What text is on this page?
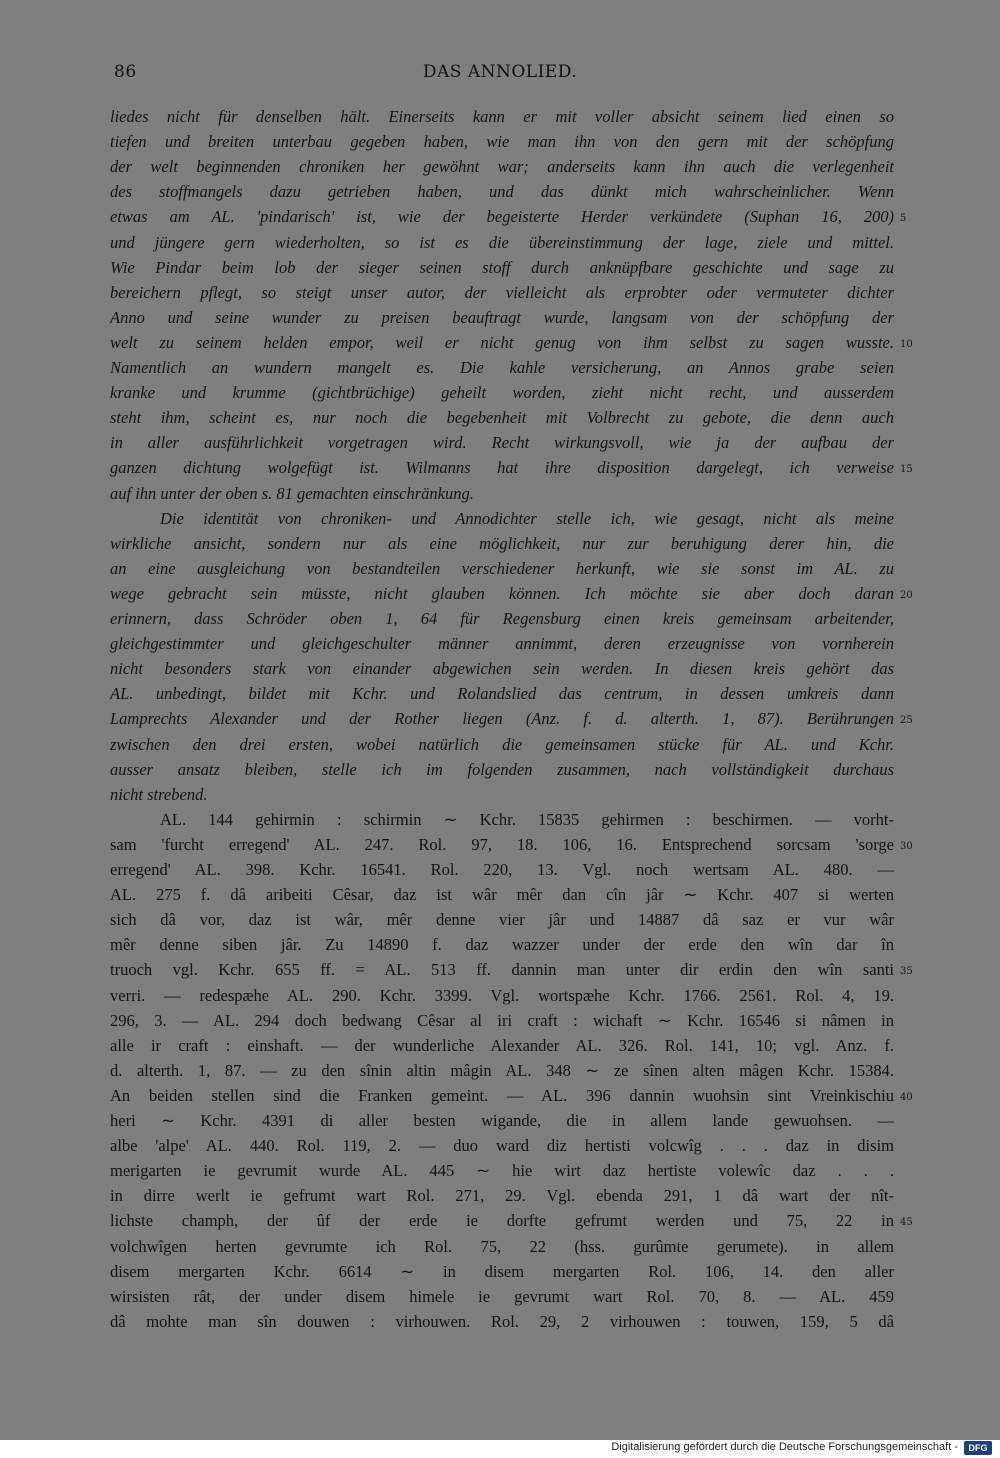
86	DAS ANNOLIED.
liedes nicht für denselben hält. Einerseits kann er mit voller absicht seinem lied einen so
tiefen und breiten unterbau gegeben haben, wie man ihn von den gern mit der schöpfung
der welt beginnenden chroniken her gewöhnt war; anderseits kann ihn auch die verlegenheit
des stoffmangels dazu getrieben haben, und das dünkt mich wahrscheinlicher. Wenn
etwas am AL. 'pindarisch' ist, wie der begeisterte Herder verkündete (Suphan 16, 200) 5
und jüngere gern wiederholten, so ist es die übereinstimmung der lage, ziele und mittel.
Wie Pindar beim lob der sieger seinen stoff durch anknüpfbare geschichte und sage zu
bereichern pflegt, so steigt unser autor, der vielleicht als erprobter oder vermuteter dichter
Anno und seine wunder zu preisen beauftragt wurde, langsam von der schöpfung der
welt zu seinem helden empor, weil er nicht genug von ihm selbst zu sagen wusste. 10
Namentlich an wundern mangelt es. Die kahle versicherung, an Annos grabe seien
kranke und krumme (gichtbrüchige) geheilt worden, zieht nicht recht, und ausserdem
steht ihm, scheint es, nur noch die begebenheit mit Volbrecht zu gebote, die denn auch
in aller ausführlichkeit vorgetragen wird. Recht wirkungsvoll, wie ja der aufbau der
ganzen dichtung wolgefügt ist. Wilmanns hat ihre disposition dargelegt, ich verweise 15
auf ihn unter der oben s. 81 gemachten einschränkung.
Die identität von chroniken- und Annodichter stelle ich, wie gesagt, nicht als meine
wirkliche ansicht, sondern nur als eine möglichkeit, nur zur beruhigung derer hin, die
an eine ausgleichung von bestandteilen verschiedener herkunft, wie sie sonst im AL. zu
wege gebracht sein müsste, nicht glauben können. Ich möchte sie aber doch daran 20
erinnern, dass Schröder oben 1, 64 für Regensburg einen kreis gemeinsam arbeitender,
gleichgestimmter und gleichgeschulter männer annimmt, deren erzeugnisse von vornherein
nicht besonders stark von einander abgewichen sein werden. In diesen kreis gehört das
AL. unbedingt, bildet mit Kchr. und Rolandslied das centrum, in dessen umkreis dann
Lamprechts Alexander und der Rother liegen (Anz. f. d. alterth. 1, 87). Berührungen 25
zwischen den drei ersten, wobei natürlich die gemeinsamen stücke für AL. und Kchr.
ausser ansatz bleiben, stelle ich im folgenden zusammen, nach vollständigkeit durchaus
nicht strebend.
AL. 144 gehirmin : schirmin ∼ Kchr. 15835 gehirmen : beschirmen. — vorht-
sam 'furcht erregend' AL. 247. Rol. 97, 18. 106, 16. Entsprechend sorcsam 'sorge 30
erregend' AL. 398. Kchr. 16541. Rol. 220, 13. Vgl. noch wertsam AL. 480. —
AL. 275 f. dâ aribeiti Cêsar, daz ist wâr mêr dan cîn jâr ∼ Kchr. 407 si werten
sich dâ vor, daz ist wâr, mêr denne vier jâr und 14887 dâ saz er vur wâr
mêr denne siben jâr. Zu 14890 f. daz wazzer under der erde den wîn dar în
truoch vgl. Kchr. 655 ff. = AL. 513 ff. dannin man unter dir erdin den wîn santi 35
verri. — redespæhe AL. 290. Kchr. 3399. Vgl. wortspæhe Kchr. 1766. 2561. Rol. 4, 19.
296, 3. — AL. 294 doch bedwang Cêsar al iri craft : wichaft ∼ Kchr. 16546 si nâmen in
alle ir craft : einshaft. — der wunderliche Alexander AL. 326. Rol. 141, 10; vgl. Anz. f.
d. alterth. 1, 87. — zu den sînin altin mâgin AL. 348 ∼ ze sînen alten mâgen Kchr. 15384.
An beiden stellen sind die Franken gemeint. — AL. 396 dannin wuohsin sint Vreinkischiu 40
heri ∼ Kchr. 4391 di aller besten wigande, die in allem lande gewuohsen. —
albe 'alpe' AL. 440. Rol. 119, 2. — duo ward diz hertisti volcwîg . . . daz in disim
merigarten ie gevrumit wurde AL. 445 ∼ hie wirt daz hertiste volewîc daz . . .
in dirre werlt ie gefrumt wart Rol. 271, 29. Vgl. ebenda 291, 1 dâ wart der nît-
lichste champh, der ûf der erde ie dorfte gefrumt werden und 75, 22 in 45
volchwîgen herten gevrumte ich Rol. 75, 22 (hss. gurûmte gerumete). in allem
disem mergarten Kchr. 6614 ∼ in disem mergarten Rol. 106, 14. den aller
wirsisten rât, der under disem himele ie gevrumt wart Rol. 70, 8. — AL. 459
dâ mohte man sîn douwen : virhouwen. Rol. 29, 2 virhouwen : touwen, 159, 5 dâ
Digitalisierung gefördert durch die Deutsche Forschungsgemeinschaft -	DFG
